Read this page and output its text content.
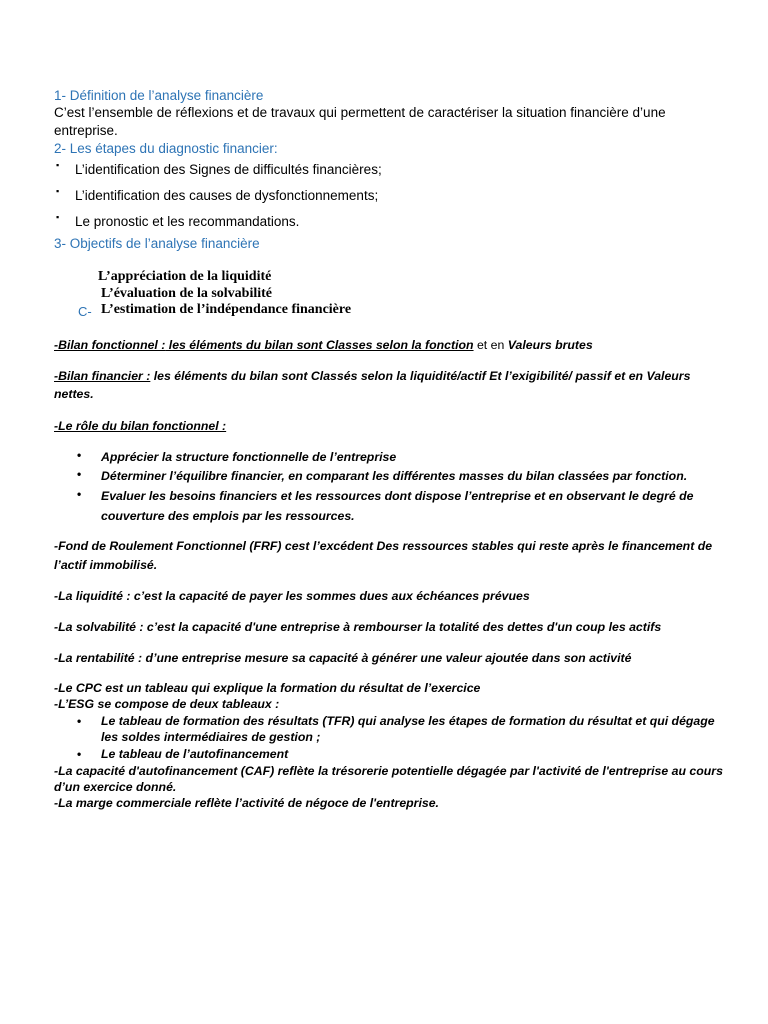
1- Définition de l’analyse financière
C’est l’ensemble de réflexions et de travaux qui permettent de caractériser la situation financière d’une
entreprise.
2- Les étapes du diagnostic financier:
▪ L’identification des Signes de difficultés financières;
▪ L’identification des causes de dysfonctionnements;
▪ Le pronostic et les recommandations.
3- Objectifs de l’analyse financière
L’appréciation de la liquidité
L’évaluation de la solvabilité
C- L’estimation de l’indépendance financière
-Bilan fonctionnel : les éléments du bilan sont Classes selon la fonction et en Valeurs brutes
-Bilan financier : les éléments du bilan sont Classés selon la liquidité/actif Et l’exigibilité/ passif et en Valeurs
nettes.
-Le rôle du bilan fonctionnel :
• Apprécier la structure fonctionnelle de l’entreprise
• Déterminer l’équilibre financier, en comparant les différentes masses du bilan classées par fonction.
• Evaluer les besoins financiers et les ressources dont dispose l’entreprise et en observant le degré de
couverture des emplois par les ressources.
-Fond de Roulement Fonctionnel (FRF) cest l’excédent Des ressources stables qui reste après le financement de
l’actif immobilisé.
-La liquidité : c’est la capacité de payer les sommes dues aux échéances prévues
-La solvabilité : c’est la capacité d'une entreprise à rembourser la totalité des dettes d'un coup les actifs
-La rentabilité : d’une entreprise mesure sa capacité à générer une valeur ajoutée dans son activité
-Le CPC est un tableau qui explique la formation du résultat de l’exercice
-L’ESG se compose de deux tableaux :
• Le tableau de formation des résultats (TFR) qui analyse les étapes de formation du résultat et qui dégage
les soldes intermédiaires de gestion ;
• Le tableau de l’autofinancement
-La capacité d'autofinancement (CAF) reflète la trésorerie potentielle dégagée par l'activité de l'entreprise au cours
d’un exercice donné.
-La marge commerciale reflète l’activité de négoce de l'entreprise.
